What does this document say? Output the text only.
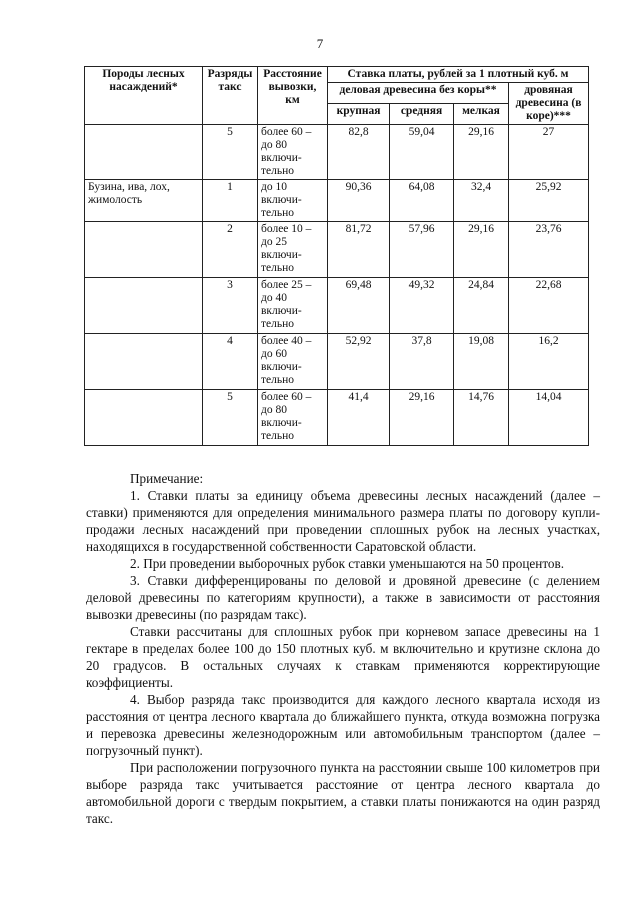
7
Породы лесных насаждений*	Разряды такс	Расстояние вывозки, км	Ставка платы, рублей за 1 плотный куб. м			
			деловая древесина без коры**			дровяная древесина (в коре)***
			крупная	средняя	мелкая	
	5	более 60 – до 80 включи-тельно	82,8	59,04	29,16	27
Бузина, ива, лох, жимолость	1	до 10 включи-тельно	90,36	64,08	32,4	25,92
	2	более 10 – до 25 включи-тельно	81,72	57,96	29,16	23,76
	3	более 25 – до 40 включи-тельно	69,48	49,32	24,84	22,68
	4	более 40 – до 60 включи-тельно	52,92	37,8	19,08	16,2
	5	более 60 – до 80 включи-тельно	41,4	29,16	14,76	14,04

Примечание:

1. Ставки платы за единицу объема древесины лесных насаждений (далее – ставки) применяются для определения минимального размера платы по договору купли-продажи лесных насаждений при проведении сплошных рубок на лесных участках, находящихся в государственной собственности Саратовской области.

2. При проведении выборочных рубок ставки уменьшаются на 50 процентов.

3. Ставки дифференцированы по деловой и дровяной древесине (с делением деловой древесины по категориям крупности), а также в зависимости от расстояния вывозки древесины (по разрядам такс).

Ставки рассчитаны для сплошных рубок при корневом запасе древесины на 1 гектаре в пределах более 100 до 150 плотных куб. м включительно и крутизне склона до 20 градусов. В остальных случаях к ставкам применяются корректирующие коэффициенты.

4. Выбор разряда такс производится для каждого лесного квартала исходя из расстояния от центра лесного квартала до ближайшего пункта, откуда возможна погрузка и перевозка древесины железнодорожным или автомобильным транспортом (далее – погрузочный пункт).

При расположении погрузочного пункта на расстоянии свыше 100 километров при выборе разряда такс учитывается расстояние от центра лесного квартала до автомобильной дороги с твердым покрытием, а ставки платы понижаются на один разряд такс.
